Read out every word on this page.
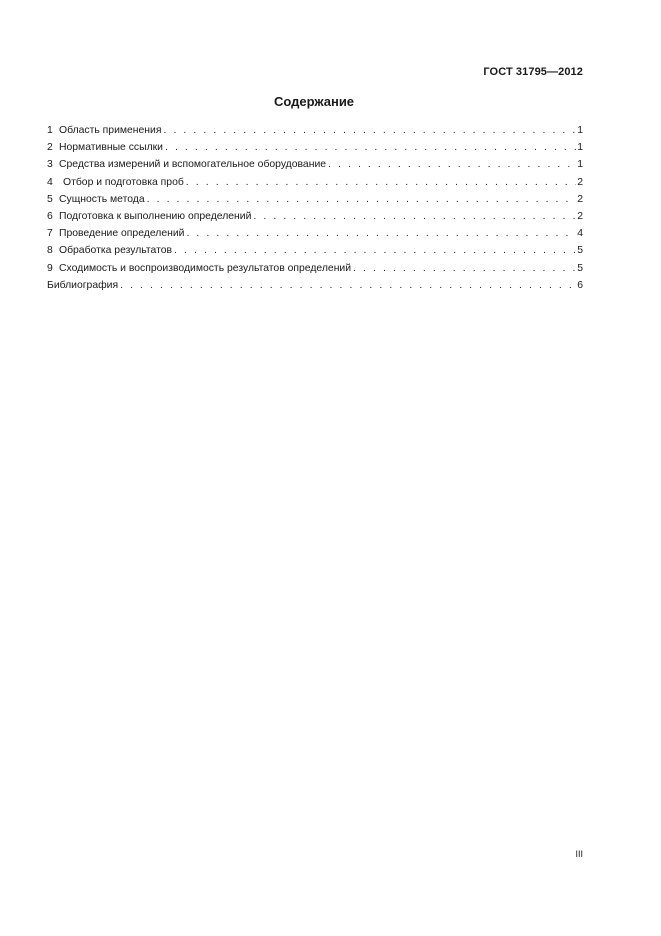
ГОСТ 31795—2012
Содержание
1 Область применения . . .	1
2 Нормативные ссылки . . .	1
3 Средства измерений и вспомогательное оборудование . . .	1
4 Отбор и подготовка проб . . .	2
5 Сущность метода . . .	2
6 Подготовка к выполнению определений . . .	2
7 Проведение определений . . .	4
8 Обработка результатов . . .	5
9 Сходимость и воспроизводимость результатов определений . . .	5
Библиография . . .	6
III
